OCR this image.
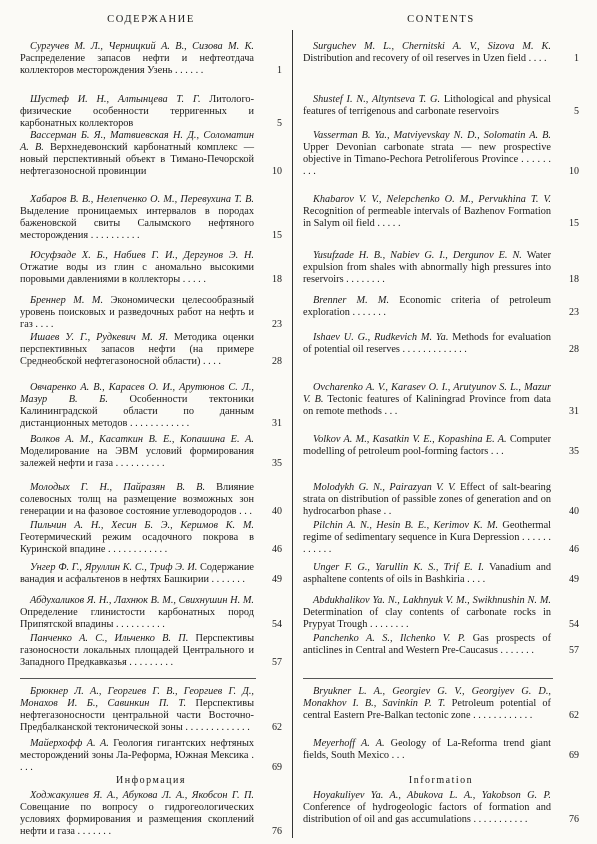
СОДЕРЖАНИЕ
Сургучев М. Л., Черницкий А. В., Сизова М. К. Распределение запасов нефти и нефтеотдача коллекторов месторождения Узень . . . . . .	1
Шустеф И. Н., Алтынцева Т. Г. Литолого-физические особенности терригенных и карбонатных коллекторов	5
Вассерман Б. Я., Матвиевская Н. Д., Соломатин А. В. Верхнедевонский карбонатный комплекс — новый перспективный объект в Тимано-Печорской нефтегазоносной провинции	10
Хабаров В. В., Нелепченко О. М., Перевухина Т. В. Выделение проницаемых интервалов в породах баженовской свиты Салымского нефтяного месторождения . . . . . . . . . .	15
Юсуфзаде Х. Б., Набиев Г. И., Дергунов Э. Н. Отжатие воды из глин с аномально высокими поровыми давлениями в коллекторы . . . . .	18
Бреннер М. М. Экономически целесообразный уровень поисковых и разведочных работ на нефть и газ . . . .	23
Ишаев У. Г., Рудкевич М. Я. Методика оценки перспективных запасов нефти (на примере Среднеобской нефтегазоносной области) . . . .	28
Овчаренко А. В., Карасев О. И., Арутюнов С. Л., Мазур В. Б. Особенности тектоники Калининградской области по данным дистанционных методов . . . . . . . . . . . .	31
Волков А. М., Касаткин В. Е., Копашина Е. А. Моделирование на ЭВМ условий формирования залежей нефти и газа . . . . . . . . . .	35
Молодых Г. Н., Пайразян В. В. Влияние солевосных толщ на размещение возможных зон генерации и на фазовое состояние углеводородов . . . 40
Пильчин А. Н., Хесин Б. Э., Керимов К. М. Геотермический режим осадочного покрова в Куринской впадине . . . . . . . . . . . .	46
Унгер Ф. Г., Яруллин К. С., Триф Э. И. Содержание ванадия и асфальтенов в нефтях Башкирии . . . . . . .	49
Абдухаликов Я. Н., Лахнюк В. М., Свихнушин Н. М. Определение глинистости карбонатных пород Припятской впадины . . . . . . . . . .	54
Панченко А. С., Ильченко В. П. Перспективы газоносности локальных площадей Центрального и Западного Предкавказья . . . . . . . . .	57
Брюкнер Л. А., Георгиев Г. В., Георгиев Г. Д., Монахов И. Б., Савинкин П. Т. Перспективы нефтегазоносности центральной части Восточно-Предбалканской тектонической зоны . . . . . . . . . . . . . 62
Майерхофф А. А. Геология гигантских нефтяных месторождений зоны Ла-Реформа, Южная Мексика . . . .	69
Информация
Ходжакулиев Я. А., Абукова Л. А., Якобсон Г. П. Совещание по вопросу о гидрогеологических условиях формирования и размещения скоплений нефти и газа . . . . . . .	76
CONTENTS
Surguchev M. L., Chernitski A. V., Sizova M. K. Distribution and recovery of oil reserves in Uzen field . . . .	1
Shustef I. N., Altyntseva T. G. Lithological and physical features of terrigenous and carbonate reservoirs	5
Vasserman B. Ya., Matviyevskay N. D., Solomatin A. B. Upper Devonian carbonate strata — new prospective objective in Timano-Pechora Petroliferous Province . . . . . . . . .	10
Khabarov V. V., Nelepchenko O. M., Pervukhina T. V. Recognition of permeable intervals of Bazhenov Formation in Salym oil field . . . . .	15
Yusufzade H. B., Nabiev G. I., Dergunov E. N. Water expulsion from shales with abnormally high pressures into reservoirs . . . . . . . .	18
Brenner M. M. Economic criteria of petroleum exploration . . . . . . .	23
Ishaev U. G., Rudkevich M. Ya. Methods for evaluation of potential oil reserves . . . . . . . . . . . . .	28
Ovcharenko A. V., Karasev O. I., Arutyunov S. L., Mazur V. B. Tectonic features of Kaliningrad Province from data on remote methods . . .	31
Volkov A. M., Kasatkin V. E., Kopashina E. A. Computer modelling of petroleum pool-forming factors . . .	35
Molodykh G. N., Pairazyan V. V. Effect of salt-bearing strata on distribution of passible zones of generation and on hydrocarbon phase . .	40
Pilchin A. N., Hesin B. E., Kerimov K. M. Geothermal regime of sedimentary sequence in Kura Depression . . . . . . . . . . . .	46
Unger F. G., Yarullin K. S., Trif E. I. Vanadium and asphaltene contents of oils in Bashkiria . . . .	49
Abdukhalikov Ya. N., Lakhnyuk V. M., Swikhnushin N. M. Determination of clay contents of carbonate rocks in Prypyat Trough . . . . . . . .	54
Panchenko A. S., Ilchenko V. P. Gas prospects of anticlines in Central and Western Pre-Caucasus . . . . . . .	57
Bryukner L. A., Georgiev G. V., Georgiyev G. D., Monakhov I. B., Savinkin P. T. Petroleum potential of central Eastern Pre-Balkan tectonic zone . . . . . . . . . . . .	62
Meyerhoff A. A. Geology of La-Reforma trend giant fields, South Mexico . . .	69
Information
Hoyakuliyev Ya. A., Abukova L. A., Yakobson G. P. Conference of hydrogeologic factors of formation and distribution of oil and gas accumulations . . . . . . . . . . .	76
